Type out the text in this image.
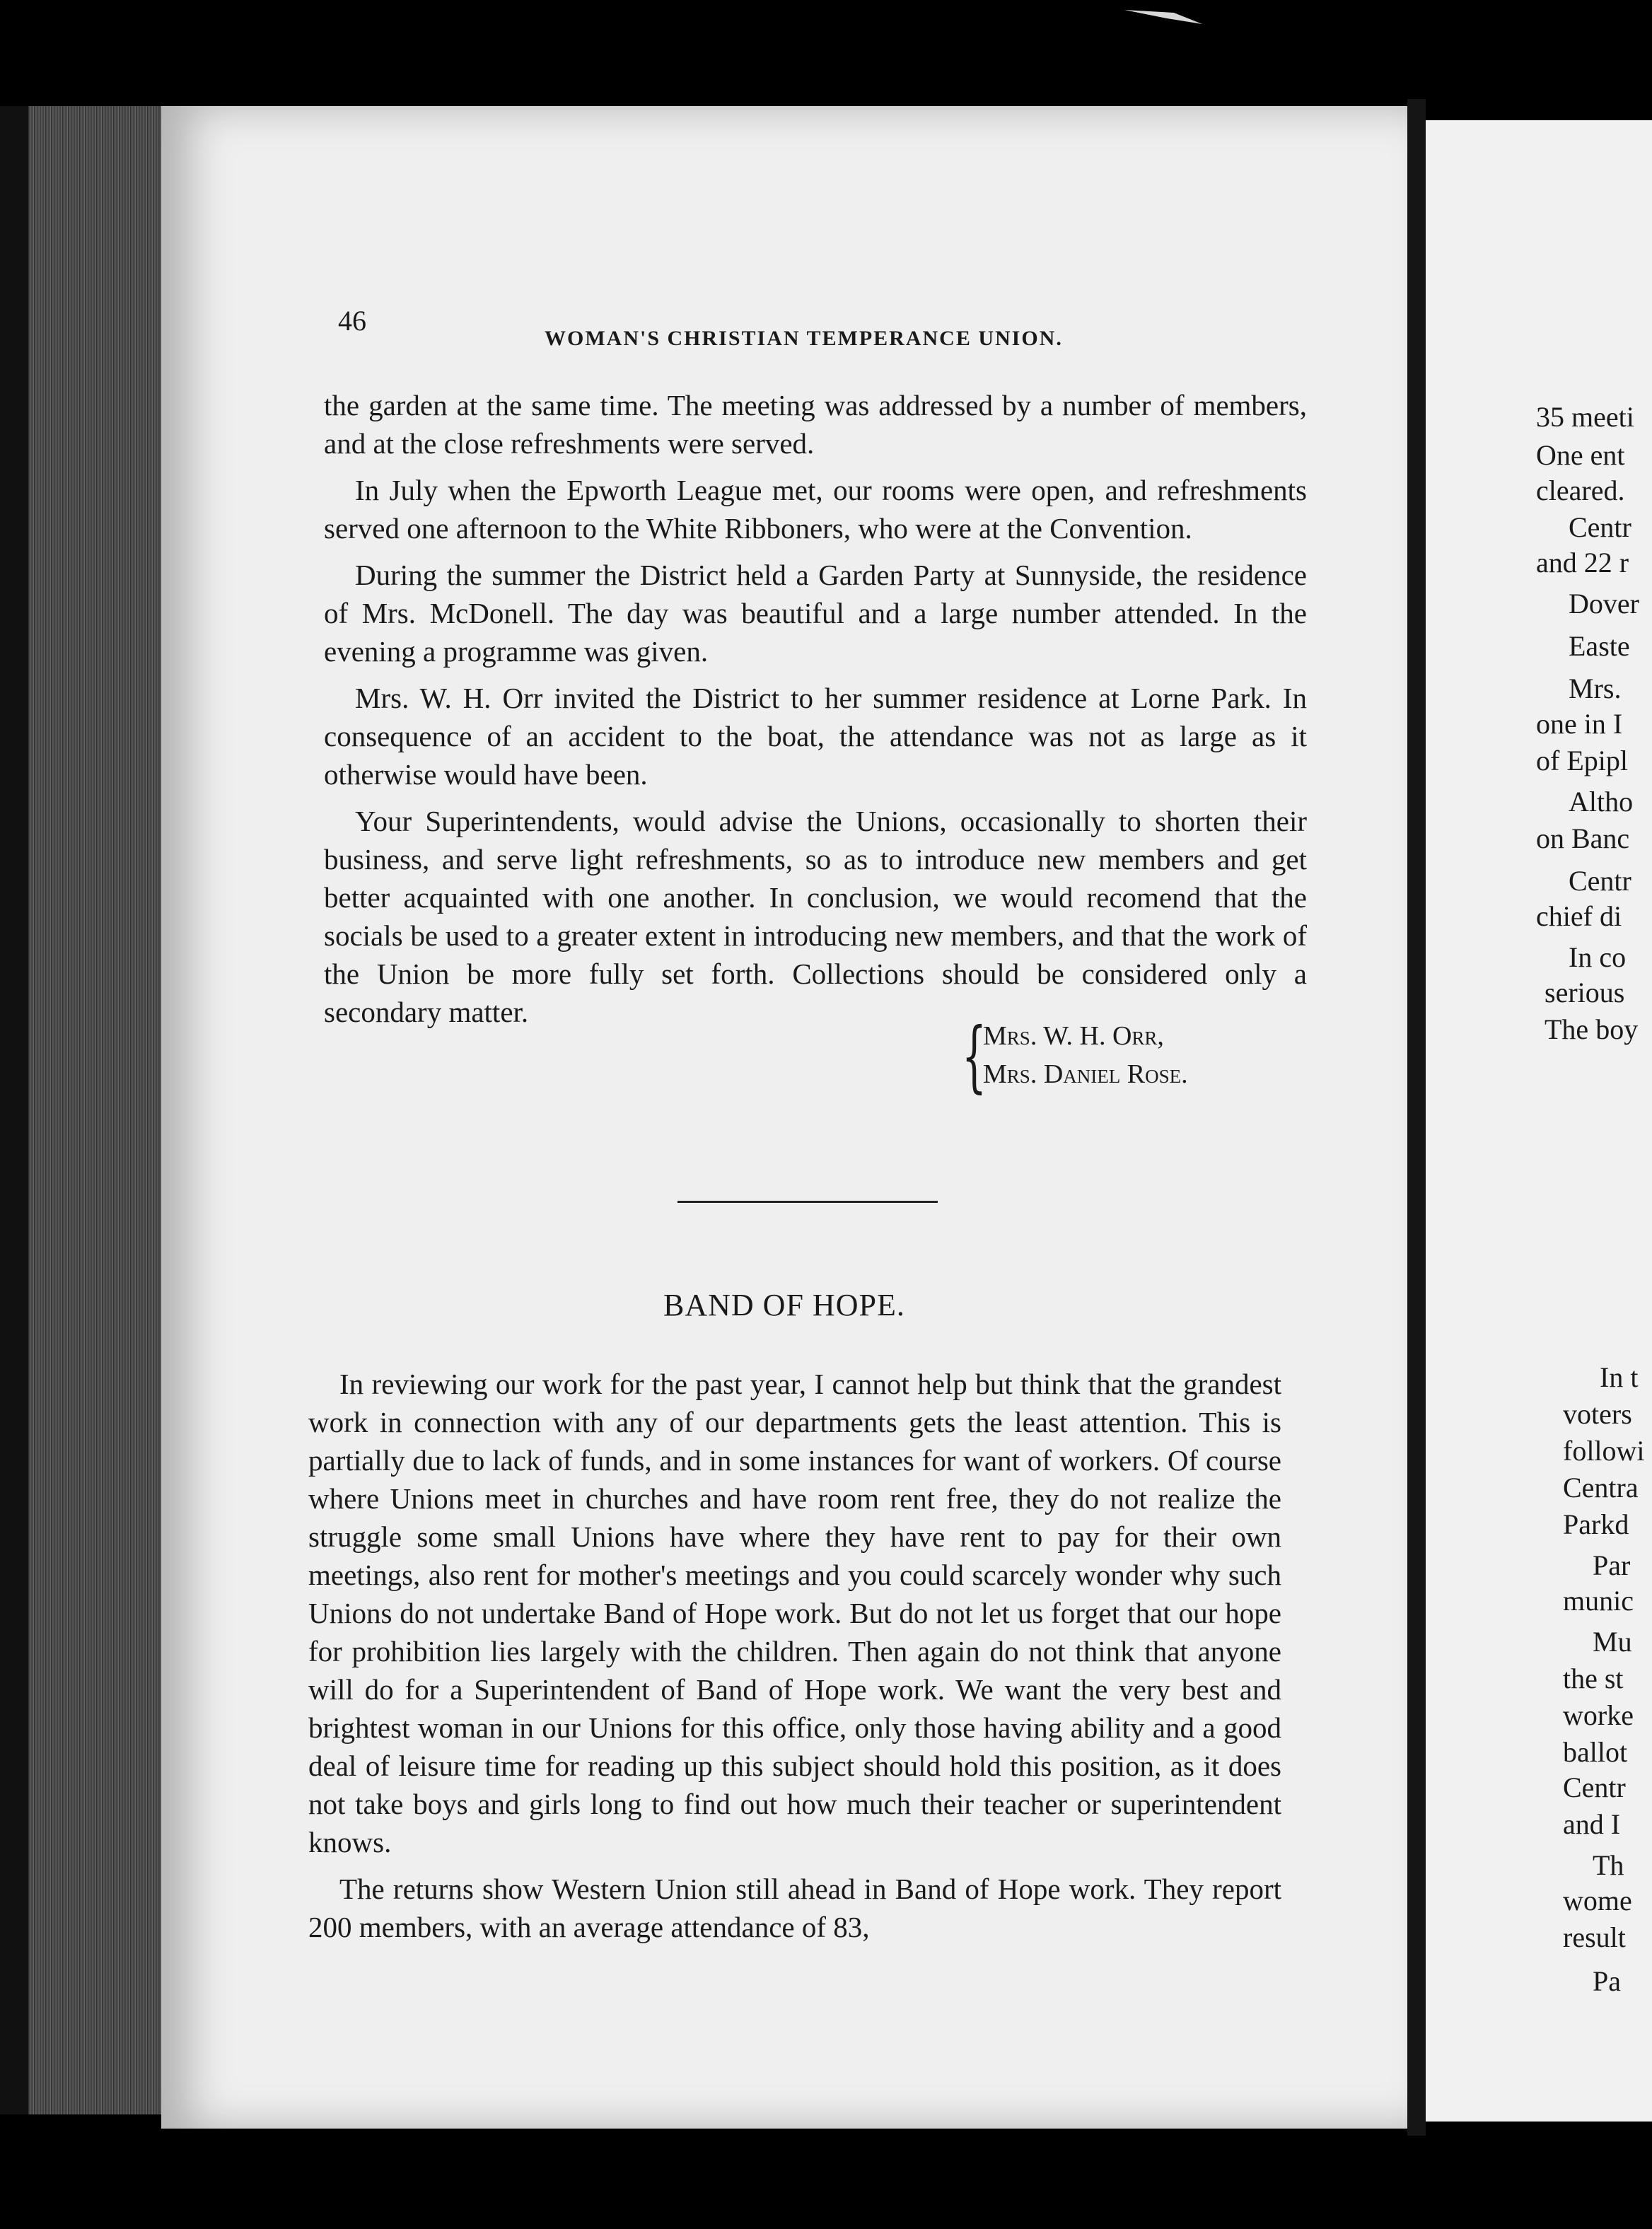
46
WOMAN'S CHRISTIAN TEMPERANCE UNION.

the garden at the same time. The meeting was addressed by a number of members, and at the close refreshments were served.

In July when the Epworth League met, our rooms were open, and refreshments served one afternoon to the White Ribboners, who were at the Convention.

During the summer the District held a Garden Party at Sunnyside, the residence of Mrs. McDonell. The day was beautiful and a large number attended. In the evening a programme was given.

Mrs. W. H. Orr invited the District to her summer residence at Lorne Park. In consequence of an accident to the boat, the attendance was not as large as it otherwise would have been.

Your Superintendents, would advise the Unions, occasionally to shorten their business, and serve light refreshments, so as to introduce new members and get better acquainted with one another. In conclusion, we would recomend that the socials be used to a greater extent in introducing new members, and that the work of the Union be more fully set forth. Collections should be considered only a secondary matter.	{
Mrs. W. H. Orr,
Mrs. Daniel Rose.
BAND OF HOPE.

In reviewing our work for the past year, I cannot help but think that the grandest work in connection with any of our departments gets the least attention. This is partially due to lack of funds, and in some instances for want of workers. Of course where Unions meet in churches and have room rent free, they do not realize the struggle some small Unions have where they have rent to pay for their own meetings, also rent for mother's meetings and you could scarcely wonder why such Unions do not undertake Band of Hope work. But do not let us forget that our hope for prohibition lies largely with the children. Then again do not think that anyone will do for a Superintendent of Band of Hope work. We want the very best and brightest woman in our Unions for this office, only those having ability and a good deal of leisure time for reading up this subject should hold this position, as it does not take boys and girls long to find out how much their teacher or superintendent knows.

The returns show Western Union still ahead in Band of Hope work. They report 200 members, with an average attendance of 83,

35 meeti
One ent
cleared.
Centr
and 22 r
Dover
Easte
Mrs.
one in I
of Epipl
Altho
on Banc
Centr
chief di
In co
serious
The boy
In t
voters
followi
Centra
Parkd
Par
munic
Mu
the st
worke
ballot
Centr
and I
Th
wome
result
Pa
